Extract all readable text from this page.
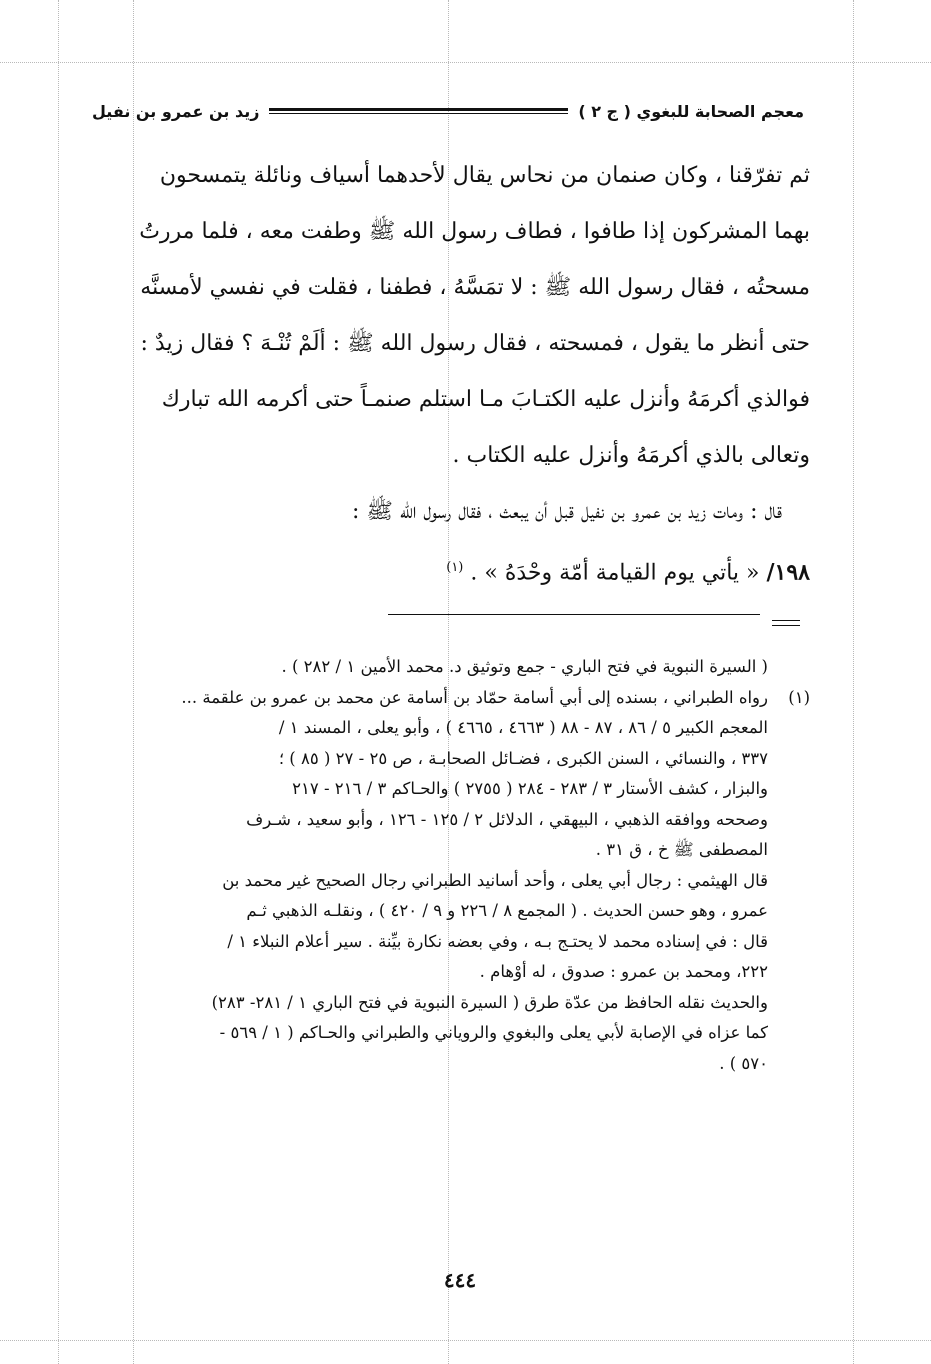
معجم الصحابة للبغوي ( ج ٢ )
زيد بن عمرو بن نفيل

ثم تفرّقنا ، وكان صنمان من نحاس يقال لأحدهما أسياف ونائلة يتمسحون

بهما المشركون إذا طافوا ، فطاف رسول الله ﷺ وطفت معه ، فلما مررتُ

مسحتُه ، فقال رسول الله ﷺ : لا تمَسَّهُ ، فطفنا ، فقلت في نفسي لأمسنَّه

حتى أنظر ما يقول ، فمسحته ، فقال رسول الله ﷺ : ألَمْ تُنْـهَ ؟ فقال زيدٌ :

فوالذي أكرمَهُ وأنزل عليه الكتـابَ مـا استلم صنمـاً حتى أكرمه الله تبارك

وتعالى بالذي أكرمَهُ وأنزل عليه الكتاب .

قال : ومات زيد بن عمرو بن نفيل قبل أن يبعث ، فقال رسول الله ﷺ :

١٩٨/ « يأتي يوم القيامة أمّة وحْدَهُ » . $^{(١)}$

( السيرة النبوية في فتح الباري - جمع وتوثيق د. محمد الأمين ١ / ٢٨٢ ) .

(١)

رواه الطبراني ، بسنده إلى أبي أسامة حمّاد بن أسامة عن محمد بن عمرو بن علقمة ...

المعجم الكبير ٥ / ٨٦ ، ٨٧ - ٨٨ ( ٤٦٦٣ ، ٤٦٦٥ ) ، وأبو يعلى ، المسند ١ /

٣٣٧ ، والنسائي ، السنن الكبرى ، فضـائل الصحابـة ، ص ٢٥ - ٢٧ ( ٨٥ ) ؛

والبزار ، كشف الأستار ٣ / ٢٨٣ - ٢٨٤ ( ٢٧٥٥ ) والحـاكم ٣ / ٢١٦ - ٢١٧

وصححه ووافقه الذهبي ، البيهقي ، الدلائل ٢ / ١٢٥ - ١٢٦ ، وأبو سعيد ، شـرف

المصطفى ﷺ خ ، ق ٣١ .

قال الهيثمي : رجال أبي يعلى ، وأحد أسانيد الطبراني رجال الصحيح غير محمد بن

عمرو ، وهو حسن الحديث . ( المجمع ٨ / ٢٢٦ و ٩ / ٤٢٠ ) ، ونقلـه الذهبي ثـم

قال : في إسناده محمد لا يحتـج بـه ، وفي بعضه نكارة بيِّنة . سير أعلام النبلاء ١ /

٢٢٢، ومحمد بن عمرو : صدوق ، له أوْهام .

والحديث نقله الحافظ من عدّة طرق ( السيرة النبوية في فتح الباري ١ / ٢٨١- ٢٨٣)

كما عزاه في الإصابة لأبي يعلى والبغوي والروياني والطبراني والحـاكم ( ١ / ٥٦٩ -

٥٧٠ ) .

٤٤٤
